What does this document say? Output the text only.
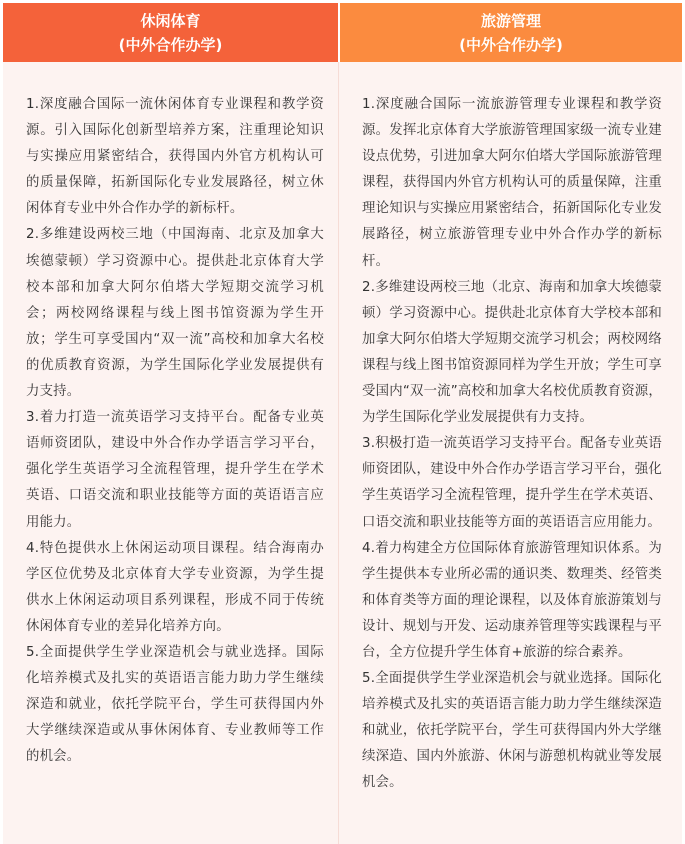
休闲体育
(中外合作办学)
旅游管理
(中外合作办学)

1.深度融合国际一流休闲体育专业课程和教学资源。引入国际化创新型培养方案，注重理论知识与实操应用紧密结合，获得国内外官方机构认可的质量保障，拓新国际化专业发展路径，树立休闲体育专业中外合作办学的新标杆。

2.多维建设两校三地（中国海南、北京及加拿大埃德蒙顿）学习资源中心。提供赴北京体育大学校本部和加拿大阿尔伯塔大学短期交流学习机会；两校网络课程与线上图书馆资源为学生开放；学生可享受国内“双一流”高校和加拿大名校的优质教育资源，为学生国际化学业发展提供有力支持。

3.着力打造一流英语学习支持平台。配备专业英语师资团队，建设中外合作办学语言学习平台，强化学生英语学习全流程管理，提升学生在学术英语、口语交流和职业技能等方面的英语语言应用能力。

4.特色提供水上休闲运动项目课程。结合海南办学区位优势及北京体育大学专业资源，为学生提供水上休闲运动项目系列课程，形成不同于传统休闲体育专业的差异化培养方向。

5.全面提供学生学业深造机会与就业选择。国际化培养模式及扎实的英语语言能力助力学生继续深造和就业，依托学院平台，学生可获得国内外大学继续深造或从事休闲体育、专业教师等工作的机会。

1.深度融合国际一流旅游管理专业课程和教学资源。发挥北京体育大学旅游管理国家级一流专业建设点优势，引进加拿大阿尔伯塔大学国际旅游管理课程，获得国内外官方机构认可的质量保障，注重理论知识与实操应用紧密结合，拓新国际化专业发展路径，树立旅游管理专业中外合作办学的新标杆。

2.多维建设两校三地（北京、海南和加拿大埃德蒙顿）学习资源中心。提供赴北京体育大学校本部和加拿大阿尔伯塔大学短期交流学习机会；两校网络课程与线上图书馆资源同样为学生开放；学生可享受国内“双一流”高校和加拿大名校优质教育资源，为学生国际化学业发展提供有力支持。

3.积极打造一流英语学习支持平台。配备专业英语师资团队，建设中外合作办学语言学习平台，强化学生英语学习全流程管理，提升学生在学术英语、口语交流和职业技能等方面的英语语言应用能力。

4.着力构建全方位国际体育旅游管理知识体系。为学生提供本专业所必需的通识类、数理类、经管类和体育类等方面的理论课程，以及体育旅游策划与设计、规划与开发、运动康养管理等实践课程与平台，全方位提升学生体育+旅游的综合素养。

5.全面提供学生学业深造机会与就业选择。国际化培养模式及扎实的英语语言能力助力学生继续深造和就业，依托学院平台，学生可获得国内外大学继续深造、国内外旅游、休闲与游憩机构就业等发展机会。
